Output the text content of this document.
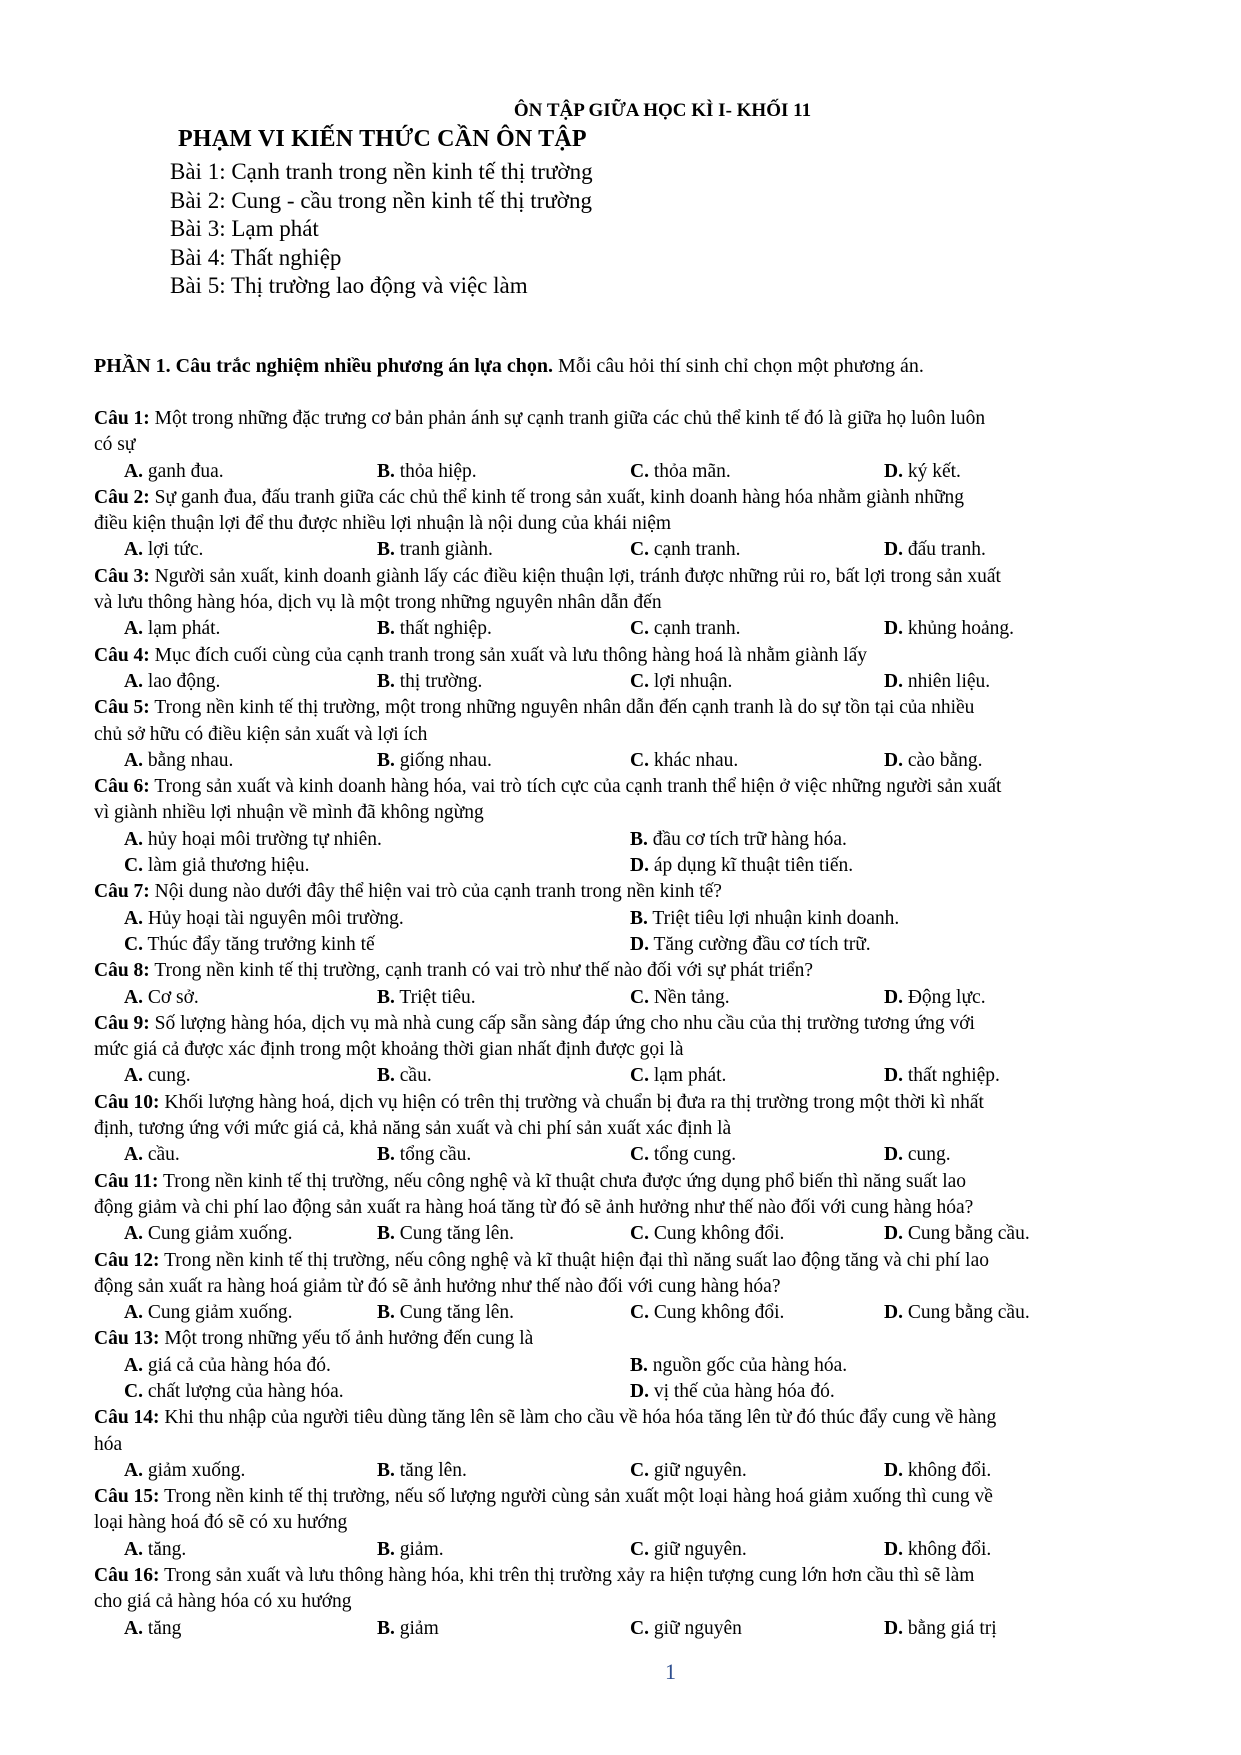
ÔN TẬP GIỮA HỌC KÌ I- KHỐI 11
PHẠM VI KIẾN THỨC CẦN ÔN TẬP
Bài 1: Cạnh tranh trong nền kinh tế thị trường
Bài 2: Cung - cầu trong nền kinh tế thị trường
Bài 3: Lạm phát
Bài 4: Thất nghiệp
Bài 5: Thị trường lao động và việc làm
PHẦN 1. Câu trắc nghiệm nhiều phương án lựa chọn. Mỗi câu hỏi thí sinh chỉ chọn một phương án.
Câu 1: Một trong những đặc trưng cơ bản phản ánh sự cạnh tranh giữa các chủ thể kinh tế đó là giữa họ luôn luôn
có sự
A. ganh đua.	B. thỏa hiệp.	C. thỏa mãn.	D. ký kết.
Câu 2: Sự ganh đua, đấu tranh giữa các chủ thể kinh tế trong sản xuất, kinh doanh hàng hóa nhằm giành những
điều kiện thuận lợi để thu được nhiều lợi nhuận là nội dung của khái niệm
A. lợi tức.	B. tranh giành.	C. cạnh tranh.	D. đấu tranh.
Câu 3: Người sản xuất, kinh doanh giành lấy các điều kiện thuận lợi, tránh được những rủi ro, bất lợi trong sản xuất
và lưu thông hàng hóa, dịch vụ là một trong những nguyên nhân dẫn đến
A. lạm phát.	B. thất nghiệp.	C. cạnh tranh.	D. khủng hoảng.
Câu 4: Mục đích cuối cùng của cạnh tranh trong sản xuất và lưu thông hàng hoá là nhằm giành lấy
A. lao động.	B. thị trường.	C. lợi nhuận.	D. nhiên liệu.
Câu 5: Trong nền kinh tế thị trường, một trong những nguyên nhân dẫn đến cạnh tranh là do sự tồn tại của nhiều
chủ sở hữu có điều kiện sản xuất và lợi ích
A. bằng nhau.	B. giống nhau.	C. khác nhau.	D. cào bằng.
Câu 6: Trong sản xuất và kinh doanh hàng hóa, vai trò tích cực của cạnh tranh thể hiện ở việc những người sản xuất
vì giành nhiều lợi nhuận về mình đã không ngừng
A. hủy hoại môi trường tự nhiên.	B. đầu cơ tích trữ hàng hóa.
C. làm giả thương hiệu.	D. áp dụng kĩ thuật tiên tiến.
Câu 7: Nội dung nào dưới đây thể hiện vai trò của cạnh tranh trong nền kinh tế?
A. Hủy hoại tài nguyên môi trường.	B. Triệt tiêu lợi nhuận kinh doanh.
C. Thúc đẩy tăng trưởng kinh tế	D. Tăng cường đầu cơ tích trữ.
Câu 8: Trong nền kinh tế thị trường, cạnh tranh có vai trò như thế nào đối với sự phát triển?
A. Cơ sở.	B. Triệt tiêu.	C. Nền tảng.	D. Động lực.
Câu 9: Số lượng hàng hóa, dịch vụ mà nhà cung cấp sẵn sàng đáp ứng cho nhu cầu của thị trường tương ứng với
mức giá cả được xác định trong một khoảng thời gian nhất định được gọi là
A. cung.	B. cầu.	C. lạm phát.	D. thất nghiệp.
Câu 10: Khối lượng hàng hoá, dịch vụ hiện có trên thị trường và chuẩn bị đưa ra thị trường trong một thời kì nhất
định, tương ứng với mức giá cả, khả năng sản xuất và chi phí sản xuất xác định là
A. cầu.	B. tổng cầu.	C. tổng cung.	D. cung.
Câu 11: Trong nền kinh tế thị trường, nếu công nghệ và kĩ thuật chưa được ứng dụng phổ biến thì năng suất lao
động giảm và chi phí lao động sản xuất ra hàng hoá tăng từ đó sẽ ảnh hưởng như thế nào đối với cung hàng hóa?
A. Cung giảm xuống.	B. Cung tăng lên.	C. Cung không đổi.	D. Cung bằng cầu.
Câu 12: Trong nền kinh tế thị trường, nếu công nghệ và kĩ thuật hiện đại thì năng suất lao động tăng và chi phí lao
động sản xuất ra hàng hoá giảm từ đó sẽ ảnh hưởng như thế nào đối với cung hàng hóa?
A. Cung giảm xuống.	B. Cung tăng lên.	C. Cung không đổi.	D. Cung bằng cầu.
Câu 13: Một trong những yếu tố ảnh hưởng đến cung là
A. giá cả của hàng hóa đó.	B. nguồn gốc của hàng hóa.
C. chất lượng của hàng hóa.	D. vị thế của hàng hóa đó.
Câu 14: Khi thu nhập của người tiêu dùng tăng lên sẽ làm cho cầu về hóa hóa tăng lên từ đó thúc đẩy cung về hàng
hóa
A. giảm xuống.	B. tăng lên.	C. giữ nguyên.	D. không đổi.
Câu 15: Trong nền kinh tế thị trường, nếu số lượng người cùng sản xuất một loại hàng hoá giảm xuống thì cung về
loại hàng hoá đó sẽ có xu hướng
A. tăng.	B. giảm.	C. giữ nguyên.	D. không đổi.
Câu 16: Trong sản xuất và lưu thông hàng hóa, khi trên thị trường xảy ra hiện tượng cung lớn hơn cầu thì sẽ làm
cho giá cả hàng hóa có xu hướng
A. tăng	B. giảm	C. giữ nguyên	D. bằng giá trị
1
